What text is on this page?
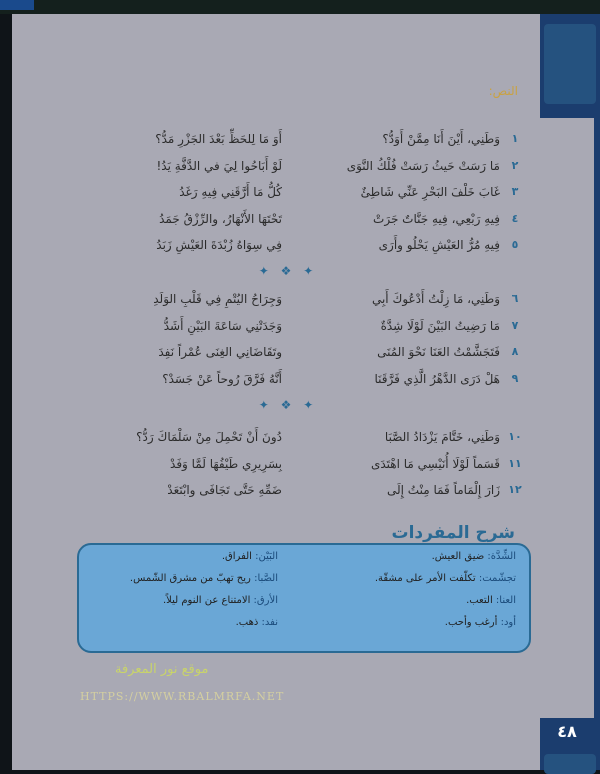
٤٨
النص:
١
وَطَنِي، أَيْنَ أَنَا مِمَّنْ أَوَدُّ؟
أَوَ مَا لِلحَظِّ بَعْدَ الجَزْرِ مَدُّ؟
٢
مَا رَسَتْ حَيثُ رَسَتْ فُلْكُ النَّوَى
لَوْ أَبَاحُوا لِيَ في الدَّفَّةِ يَدُ!
٣
غَابَ خَلْفَ البَحْرِ عَنِّي شَاطِئٌ
كُلُّ مَا أَرَّقَنِي فِيهِ رَغَدُ
٤
فِيهِ رَبْعِي، فِيهِ جَنَّاتٌ جَرَتْ
تَحْتَهَا الأَنْهَارُ، والرِّزْقُ جَمَدُ
٥
فِيهِ مُرُّ العَيْشِ يَحْلُو وأَرَى
فِي سِوَاهُ زُبْدَةَ العَيْشِ زَبَدُ
✦ ❖ ✦
٦
وَطَنِي، مَا زِلْتُ أَدْعُوكَ أَبِي
وَجِرَاحُ اليُتْمِ فِي قَلْبِ الوَلَدِ
٧
مَا رَضِيتُ البَيْنَ لَوْلَا شِدَّةٌ
وَجَدَتْنِي سَاعَةَ البَيْنِ أَشَدُّ
٨
فَتَجَشَّمْتُ العَنَا نَحْوَ المُنَى
وتَقَاضَانِي الغِنَى عُمْراً نَفِدَ
٩
هَلْ دَرَى الدَّهْرُ الَّذِي فَرَّقَنَا
أَنَّهُ فَرَّقَ رُوحاً عَنْ جَسَدْ؟
✦ ❖ ✦
١٠
وَطَنِي، خَتَّامَ يَزْدَادُ الصَّبَا
دُونَ أَنْ تَحْمِلَ مِنْ سَلْمَاكَ رَدُّ؟
١١
قَسَماً لَوْلَا أُنَيْسِي مَا اهْتَدَى
بِسَرِيرِي طَيْفُهَا لَمَّا وَفَدْ
١٢
زَارَ إِلْمَاماً فَمَا مِنْتُ إِلَى
ضَمِّهِ حَتَّى تَجَافَى وابْتَعَدْ
شرح المفردات
الشِّدَّة: ضيق العيش.
تجشّمت: تكلّفت الأمر على مشقّة.
العنا: التعب.
أود: أرغب وأحب.
البَيْن: الفراق.
الصَّبا: ريح تهبّ من مشرق الشّمس.
الأرق: الامتناع عن النوم ليلاً.
نفد: ذهب.
موقع نور المعرفة
HTTPS://WWW.RBALMRFA.NET
